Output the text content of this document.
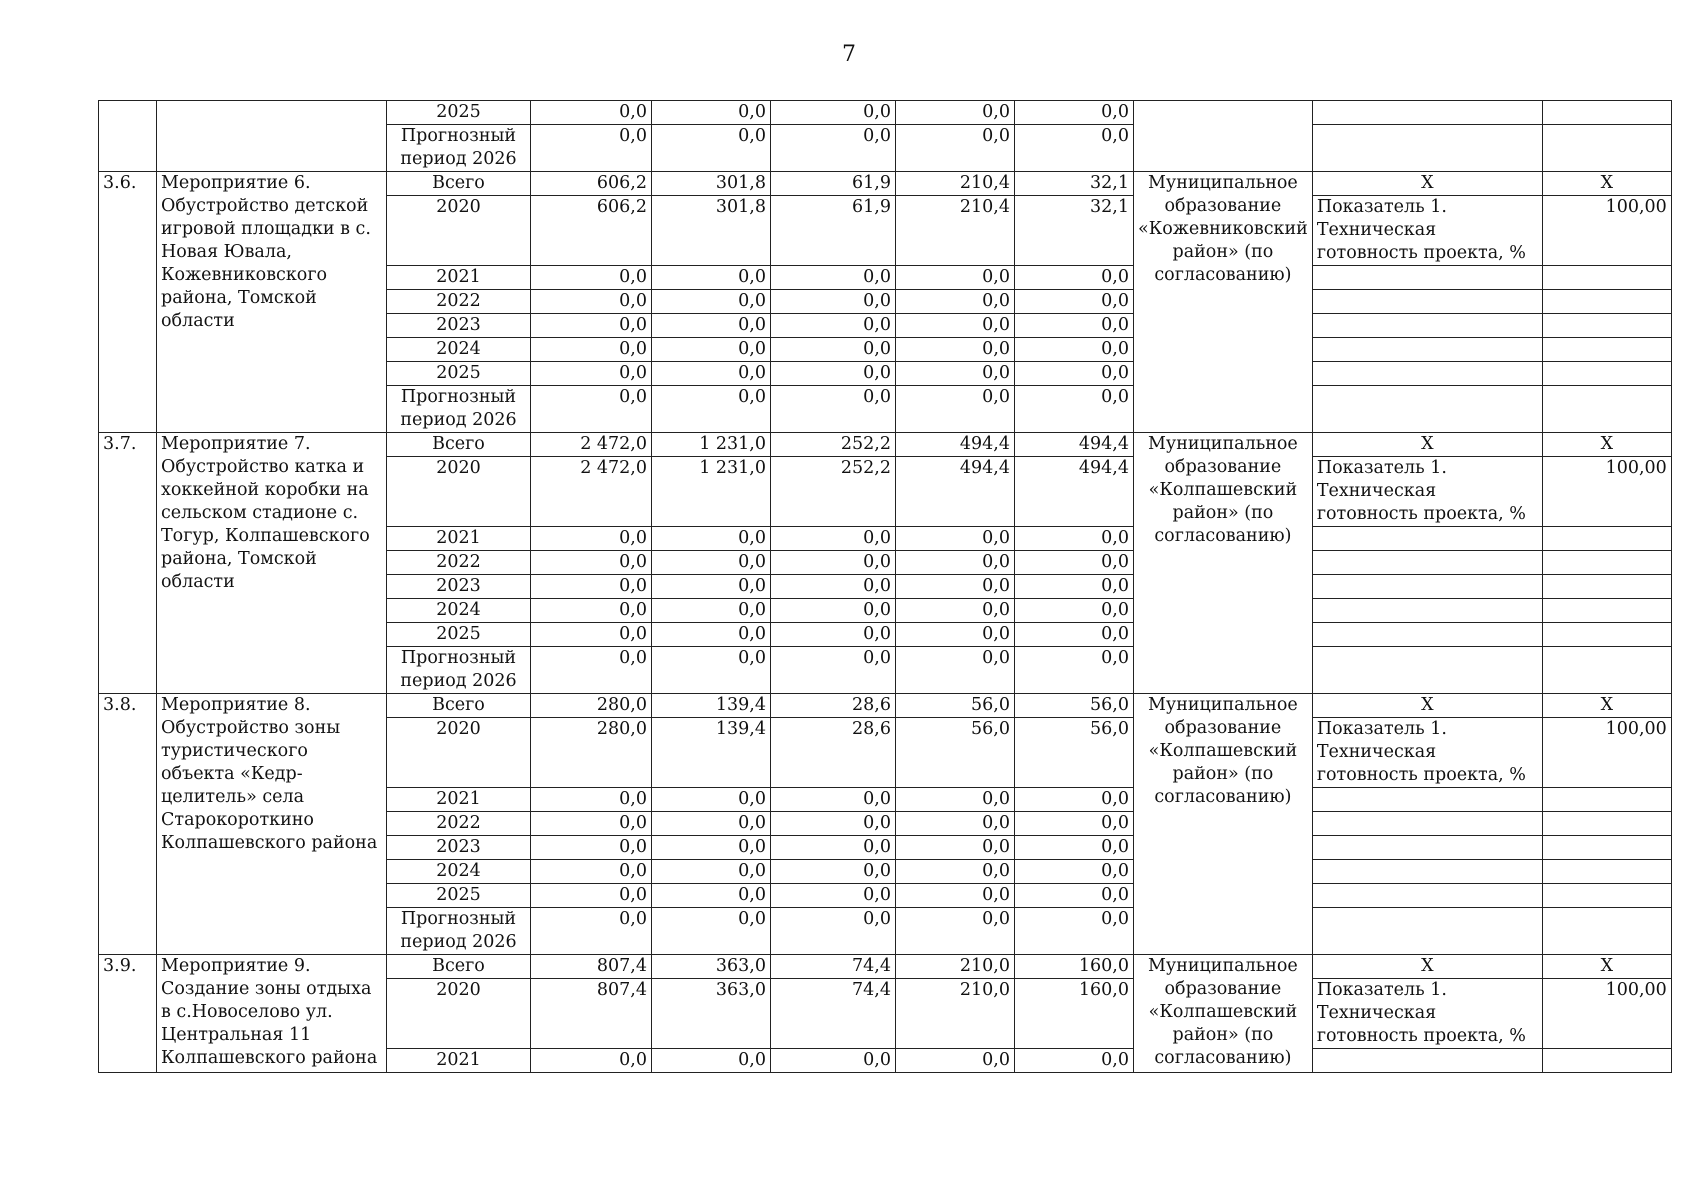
7
		2025	0,0	0,0	0,0	0,0	0,0			
		Прогнозный период 2026	0,0	0,0	0,0	0,0	0,0			
3.6.	Мероприятие 6. Обустройство детской игровой площадки в с. Новая Ювала, Кожевниковского района, Томской области	Всего	606,2	301,8	61,9	210,4	32,1	Муниципальное образование «Кожевниковский район» (по согласованию)	X	X
		2020	606,2	301,8	61,9	210,4	32,1		Показатель 1. Техническая готовность проекта, %	100,00
		2021	0,0	0,0	0,0	0,0	0,0			
		2022	0,0	0,0	0,0	0,0	0,0			
		2023	0,0	0,0	0,0	0,0	0,0			
		2024	0,0	0,0	0,0	0,0	0,0			
		2025	0,0	0,0	0,0	0,0	0,0			
		Прогнозный период 2026	0,0	0,0	0,0	0,0	0,0			
3.7.	Мероприятие 7. Обустройство катка и хоккейной коробки на сельском стадионе с. Тогур, Колпашевского района, Томской области	Всего	2 472,0	1 231,0	252,2	494,4	494,4	Муниципальное образование «Колпашевский район» (по согласованию)	X	X
		2020	2 472,0	1 231,0	252,2	494,4	494,4		Показатель 1. Техническая готовность проекта, %	100,00
		2021	0,0	0,0	0,0	0,0	0,0			
		2022	0,0	0,0	0,0	0,0	0,0			
		2023	0,0	0,0	0,0	0,0	0,0			
		2024	0,0	0,0	0,0	0,0	0,0			
		2025	0,0	0,0	0,0	0,0	0,0			
		Прогнозный период 2026	0,0	0,0	0,0	0,0	0,0			
3.8.	Мероприятие 8. Обустройство зоны туристического объекта «Кедр-целитель» села Старокороткино Колпашевского района	Всего	280,0	139,4	28,6	56,0	56,0	Муниципальное образование «Колпашевский район» (по согласованию)	X	X
		2020	280,0	139,4	28,6	56,0	56,0		Показатель 1. Техническая готовность проекта, %	100,00
		2021	0,0	0,0	0,0	0,0	0,0			
		2022	0,0	0,0	0,0	0,0	0,0			
		2023	0,0	0,0	0,0	0,0	0,0			
		2024	0,0	0,0	0,0	0,0	0,0			
		2025	0,0	0,0	0,0	0,0	0,0			
		Прогнозный период 2026	0,0	0,0	0,0	0,0	0,0			
3.9.	Мероприятие 9. Создание зоны отдыха в с.Новоселово ул. Центральная 11 Колпашевского района	Всего	807,4	363,0	74,4	210,0	160,0	Муниципальное образование «Колпашевский район» (по согласованию)	X	X
		2020	807,4	363,0	74,4	210,0	160,0		Показатель 1. Техническая готовность проекта, %	100,00
		2021	0,0	0,0	0,0	0,0	0,0			
